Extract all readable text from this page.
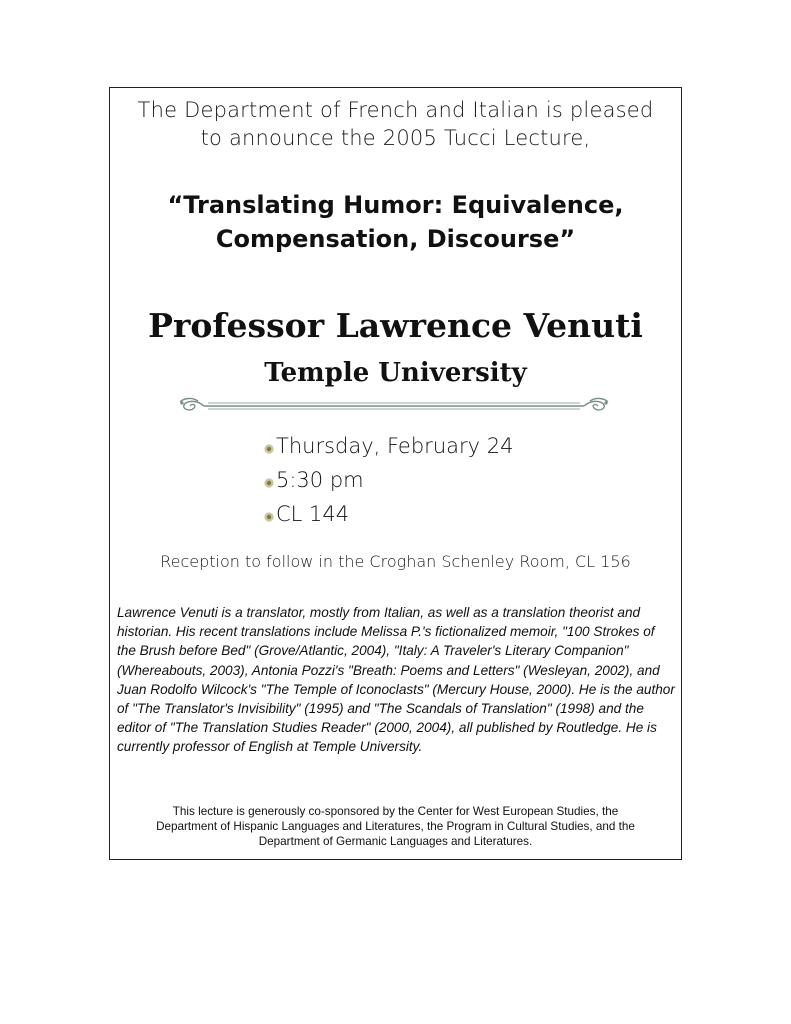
The Department of French and Italian is pleased
to announce the 2005 Tucci Lecture,
“Translating Humor: Equivalence,
Compensation, Discourse”
Professor Lawrence Venuti
Temple University
Thursday, February 24
5:30 pm
CL 144
Reception to follow in the Croghan Schenley Room, CL 156

Lawrence Venuti is a translator, mostly from Italian, as well as a translation theorist and historian. His recent translations include Melissa P.'s fictionalized memoir, "100 Strokes of the Brush before Bed" (Grove/Atlantic, 2004), "Italy: A Traveler's Literary Companion" (Whereabouts, 2003), Antonia Pozzi's "Breath: Poems and Letters" (Wesleyan, 2002), and Juan Rodolfo Wilcock's "The Temple of Iconoclasts" (Mercury House, 2000). He is the author of "The Translator's Invisibility" (1995) and "The Scandals of Translation" (1998) and the editor of "The Translation Studies Reader" (2000, 2004), all published by Routledge. He is currently professor of English at Temple University.

This lecture is generously co-sponsored by the Center for West European Studies, the
Department of Hispanic Languages and Literatures, the Program in Cultural Studies, and the
Department of Germanic Languages and Literatures.
